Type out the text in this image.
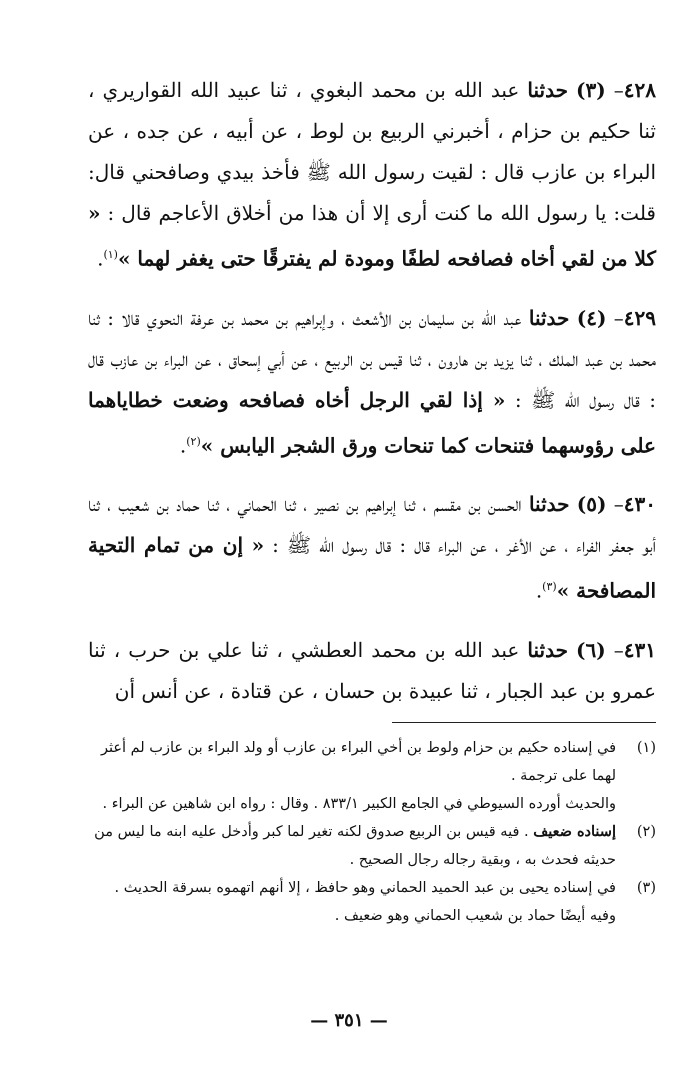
٤٢٨– (٣) حدثنا عبد الله بن محمد البغوي ، ثنا عبيد الله القواريري ، ثنا حكيم بن حزام ، أخبرني الربيع بن لوط ، عن أبيه ، عن جده ، عن البراء بن عازب قال : لقيت رسول الله ﷺ فأخذ بيدي وصافحني قال: قلت: يا رسول الله ما كنت أرى إلا أن هذا من أخلاق الأعاجم قال : « كلا من لقي أخاه فصافحه لطفًا ومودة لم يفترقًا حتى يغفر لهما »$^{(١)}$.

٤٢٩– (٤) حدثنا عبد الله بن سليمان بن الأشعث ، وإبراهيم بن محمد بن عرفة النحوي قالا : ثنا محمد بن عبد الملك ، ثنا يزيد بن هارون ، ثنا قيس بن الربيع ، عن أبي إسحاق ، عن البراء بن عازب قال : قال رسول الله ﷺ : « إذا لقي الرجل أخاه فصافحه وضعت خطاياهما على رؤوسهما فتنحات كما تنحات ورق الشجر اليابس »$^{(٢)}$.

٤٣٠– (٥) حدثنا الحسن بن مقسم ، ثنا إبراهيم بن نصير ، ثنا الحماني ، ثنا حماد بن شعيب ، ثنا أبو جعفر الفراء ، عن الأغر ، عن البراء قال : قال رسول الله ﷺ : « إن من تمام التحية المصافحة »$^{(٣)}$.

٤٣١– (٦) حدثنا عبد الله بن محمد العطشي ، ثنا علي بن حرب ، ثنا عمرو بن عبد الجبار ، ثنا عبيدة بن حسان ، عن قتادة ، عن أنس أن

(١)

في إسناده حكيم بن حزام ولوط بن أخي البراء بن عازب أو ولد البراء بن عازب لم أعثر لهما على ترجمة .

والحديث أورده السيوطي في الجامع الكبير ٨٣٣/١ . وقال : رواه ابن شاهين عن البراء .

(٢)

إسناده ضعيف . فيه قيس بن الربيع صدوق لكنه تغير لما كبر وأدخل عليه ابنه ما ليس من حديثه فحدث به ، وبقية رجاله رجال الصحيح .

(٣)

في إسناده يحيى بن عبد الحميد الحماني وهو حافظ ، إلا أنهم اتهموه بسرقة الحديث .

وفيه أيضًا حماد بن شعيب الحماني وهو ضعيف .

— ٣٥١ —
